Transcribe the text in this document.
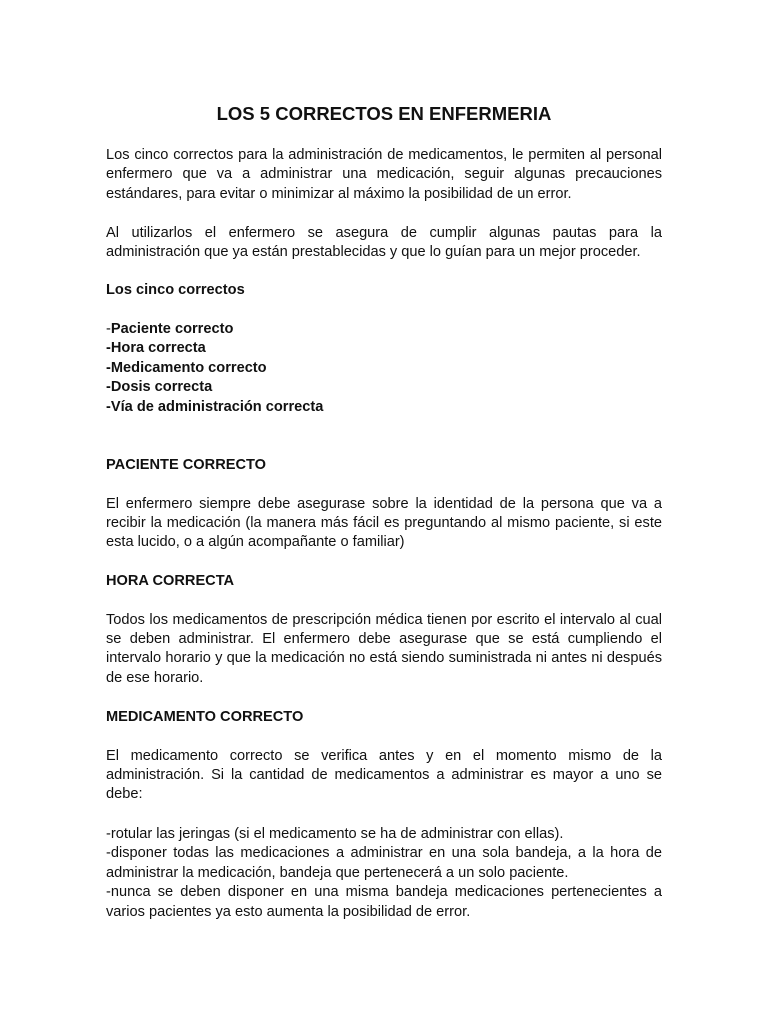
LOS 5 CORRECTOS EN ENFERMERIA

Los cinco correctos para la administración de medicamentos, le permiten al personal enfermero que va a administrar una medicación, seguir algunas precauciones estándares, para evitar o minimizar al máximo la posibilidad de un error.

Al utilizarlos el enfermero se asegura de cumplir algunas pautas para la administración que ya están prestablecidas y que lo guían para un mejor proceder.

Los cinco correctos

-Paciente correcto
-Hora correcta
-Medicamento correcto
-Dosis correcta
-Vía de administración correcta

PACIENTE CORRECTO

El enfermero siempre debe asegurase sobre la identidad de la persona que va a recibir la medicación (la manera más fácil es preguntando al mismo paciente, si este esta lucido, o a algún acompañante o familiar)

HORA CORRECTA

Todos los medicamentos de prescripción médica tienen por escrito el intervalo al cual se deben administrar. El enfermero debe asegurase que se está cumpliendo el intervalo horario y que la medicación no está siendo suministrada ni antes ni después de ese horario.

MEDICAMENTO CORRECTO

El medicamento correcto se verifica antes y en el momento mismo de la administración. Si la cantidad de medicamentos a administrar es mayor a uno se debe:

-rotular las jeringas (si el medicamento se ha de administrar con ellas).

-disponer todas las medicaciones a administrar en una sola bandeja, a la hora de administrar la medicación, bandeja que pertenecerá a un solo paciente.

-nunca se deben disponer en una misma bandeja medicaciones pertenecientes a varios pacientes ya esto aumenta la posibilidad de error.
